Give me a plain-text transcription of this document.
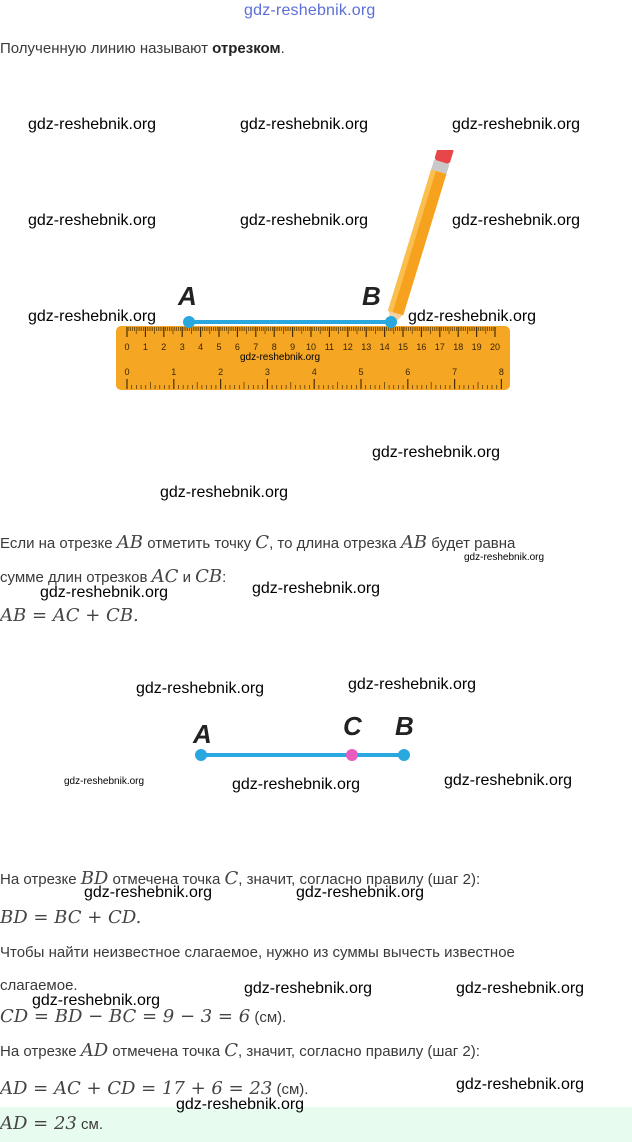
gdz-reshebnik.org
Полученную линию называют отрезком.
A	B
0 1 2 3 4 5 6 7 8 9 10 11 12 13 14 15 16 17 18 19 20
0	1	2	3	4	5	6	7	8
Если на отрезке AB отметить точку C, то длина отрезка AB будет равна
сумме длин отрезков AC и CB:
AB = AC + CB.
A	C B
На отрезке BD отмечена точка C, значит, согласно правилу (шаг 2):
BD = BC + CD.
Чтобы найти неизвестное слагаемое, нужно из суммы вычесть известное
слагаемое.
CD = BD − BC = 9 − 3 = 6 (см).
На отрезке AD отмечена точка C, значит, согласно правилу (шаг 2):
AD = AC + CD = 17 + 6 = 23 (см).
AD = 23 см.
gdz-reshebnik.org	gdz-reshebnik.org	gdz-reshebnik.org
gdz-reshebnik.org	gdz-reshebnik.org	gdz-reshebnik.org
gdz-reshebnik.org	gdz-reshebnik.org
gdz-reshebnik.org
gdz-reshebnik.org
gdz-reshebnik.org
gdz-reshebnik.org
gdz-reshebnik.org	gdz-reshebnik.org
gdz-reshebnik.org	gdz-reshebnik.org
gdz-reshebnik.org	gdz-reshebnik.org	gdz-reshebnik.org
gdz-reshebnik.org	gdz-reshebnik.org
gdz-reshebnik.org
gdz-reshebnik.org	gdz-reshebnik.org
gdz-reshebnik.org
gdz-reshebnik.org
